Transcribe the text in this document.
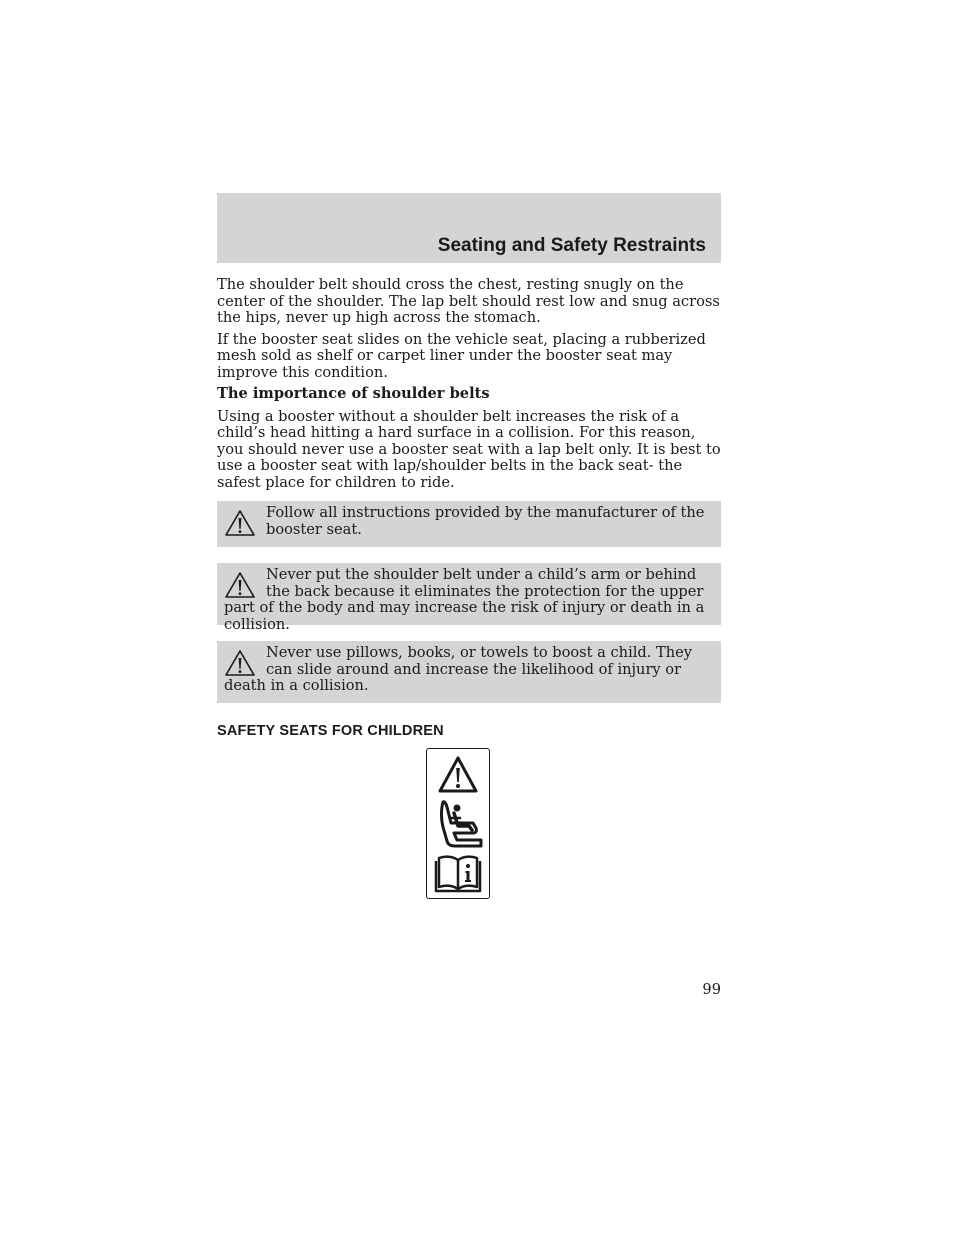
Seating and Safety Restraints

The shoulder belt should cross the chest, resting snugly on the center of the shoulder. The lap belt should rest low and snug across the hips, never up high across the stomach.

If the booster seat slides on the vehicle seat, placing a rubberized mesh sold as shelf or carpet liner under the booster seat may improve this condition.

The importance of shoulder belts

Using a booster without a shoulder belt increases the risk of a child’s head hitting a hard surface in a collision. For this reason, you should never use a booster seat with a lap belt only. It is best to use a booster seat with lap/shoulder belts in the back seat- the safest place for children to ride.

Follow all instructions provided by the manufacturer of the booster seat.
Never put the shoulder belt under a child’s arm or behind the back because it eliminates the protection for the upper part of the body and may increase the risk of injury or death in a collision.
Never use pillows, books, or towels to boost a child. They can slide around and increase the likelihood of injury or death in a collision.
SAFETY SEATS FOR CHILDREN
99
